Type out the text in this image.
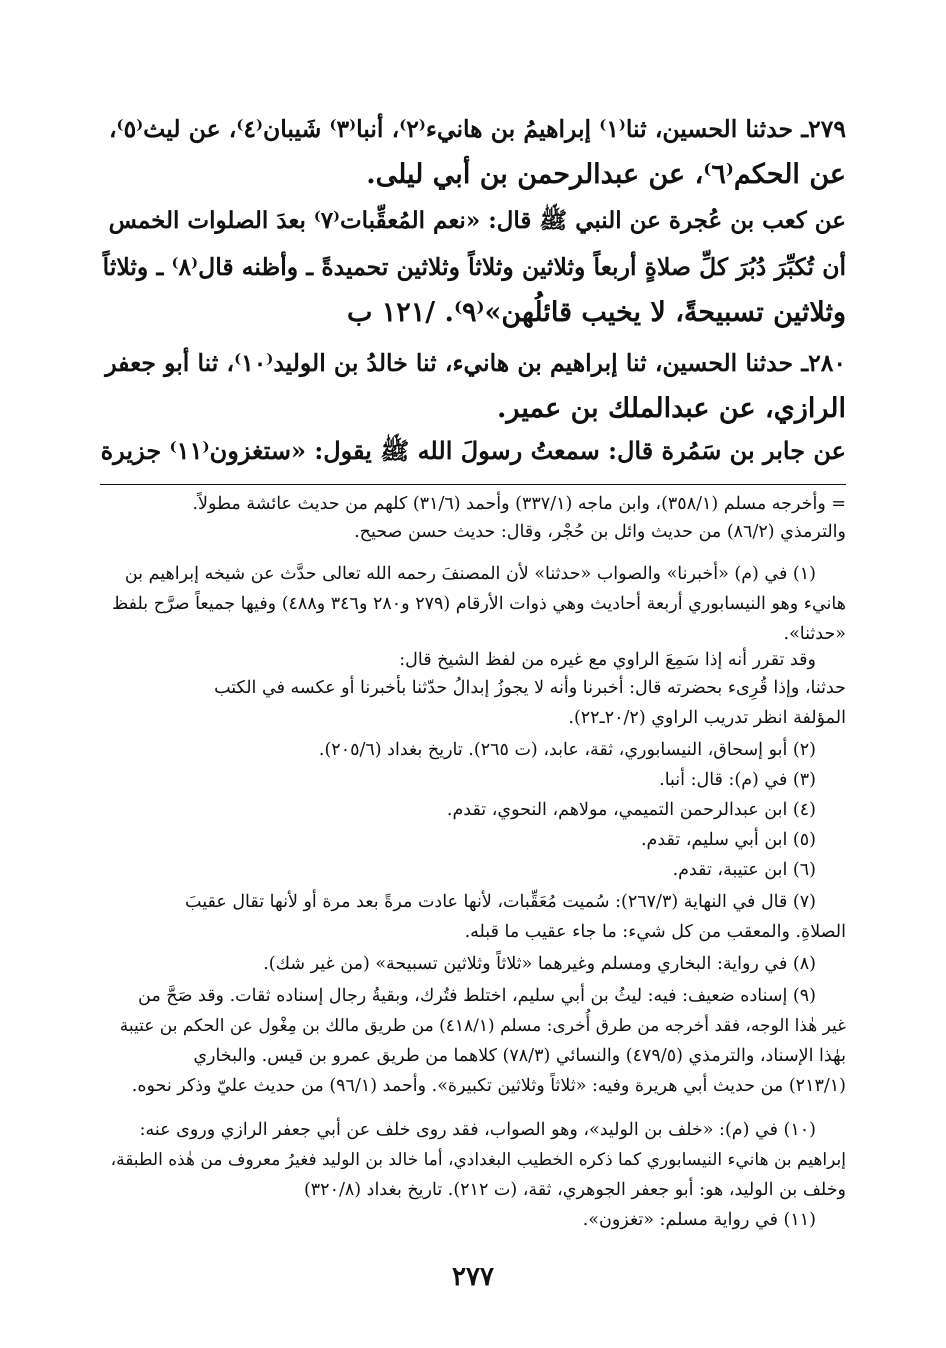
٢٧٩ـ حدثنا الحسين، ثنا⁽١⁾ إبراهيمُ بن هانيء⁽٢⁾، أنبا⁽٣⁾ شَيبان⁽٤⁾، عن ليث⁽٥⁾،

عن الحكم⁽٦⁾، عن عبدالرحمن بن أبي ليلى.

عن كعب بن عُجرة عن النبي ﷺ قال: «نعم المُعقِّبات⁽٧⁾ بعدَ الصلوات الخمس

أن تُكبِّرَ دُبُرَ كلِّ صلاةٍ أربعاً وثلاثين وثلاثاً وثلاثين تحميدةً ـ وأظنه قال⁽٨⁾ ـ وثلاثاً

وثلاثين تسبيحةً، لا يخيب قائلُهن»⁽٩⁾. /١٢١ ب

٢٨٠ـ حدثنا الحسين، ثنا إبراهيم بن هانيء، ثنا خالدُ بن الوليد⁽١٠⁾، ثنا أبو جعفر

الرازي، عن عبدالملك بن عمير.

عن جابر بن سَمُرة قال: سمعتُ رسولَ الله ﷺ يقول: «ستغزون⁽١١⁾ جزيرة

= وأخرجه مسلم (٣٥٨/١)، وابن ماجه (٣٣٧/١) وأحمد (٣١/٦) كلهم من حديث عائشة مطولاً.

والترمذي (٨٦/٢) من حديث وائل بن حُجْر، وقال: حديث حسن صحيح.

(١) في (م) «أخبرنا» والصواب «حدثنا» لأن المصنفَ رحمه الله تعالى حدَّث عن شيخه إبراهيم بن

هانيء وهو النيسابوري أربعة أحاديث وهي ذوات الأرقام (٢٧٩ و٢٨٠ و٣٤٦ و٤٨٨) وفيها جميعاً صرَّح بلفظ

«حدثنا».

وقد تقرر أنه إذا سَمِعَ الراوي مع غيره من لفظ الشيخ قال:

حدثنا، وإذا قُرِىء بحضرته قال: أخبرنا وأنه لا يجوزُ إبدالُ حدّثنا بأخبرنا أو عكسه في الكتب

المؤلفة انظر تدريب الراوي (٢٠/٢ـ٢٢).

(٢) أبو إسحاق، النيسابوري، ثقة، عابد، (ت ٢٦٥). تاريخ بغداد (٢٠٥/٦).

(٣) في (م): قال: أنبا.

(٤) ابن عبدالرحمن التميمي، مولاهم، النحوي، تقدم.

(٥) ابن أبي سليم، تقدم.

(٦) ابن عتيبة، تقدم.

(٧) قال في النهاية (٢٦٧/٣): سُميت مُعَقِّبات، لأنها عادت مرةً بعد مرة أو لأنها تقال عقيبَ

الصلاةِ. والمعقب من كل شيء: ما جاء عقيب ما قبله.

(٨) في رواية: البخاري ومسلم وغيرهما «ثلاثاً وثلاثين تسبيحة» (من غير شك).

(٩) إسناده ضعيف: فيه: ليثُ بن أبي سليم، اختلط فتُرك، وبقيةُ رجال إسناده ثقات. وقد صَحَّ من

غير هٰذا الوجه، فقد أخرجه من طرق أُخرى: مسلم (٤١٨/١) من طريق مالك بن مِغْول عن الحكم بن عتيبة

بهٰذا الإسناد، والترمذي (٤٧٩/٥) والنسائي (٧٨/٣) كلاهما من طريق عمرو بن قيس. والبخاري

(٢١٣/١) من حديث أبي هريرة وفيه: «ثلاثاً وثلاثين تكبيرة». وأحمد (٩٦/١) من حديث عليّ وذكر نحوه.

(١٠) في (م): «خلف بن الوليد»، وهو الصواب، فقد روى خلف عن أبي جعفر الرازي وروى عنه:

إبراهيم بن هانيء النيسابوري كما ذكره الخطيب البغدادي، أما خالد بن الوليد فغيرُ معروف من هٰذه الطبقة،

وخلف بن الوليد، هو: أبو جعفر الجوهري، ثقة، (ت ٢١٢). تاريخ بغداد (٣٢٠/٨)

(١١) في رواية مسلم: «تغزون».

٢٧٧
